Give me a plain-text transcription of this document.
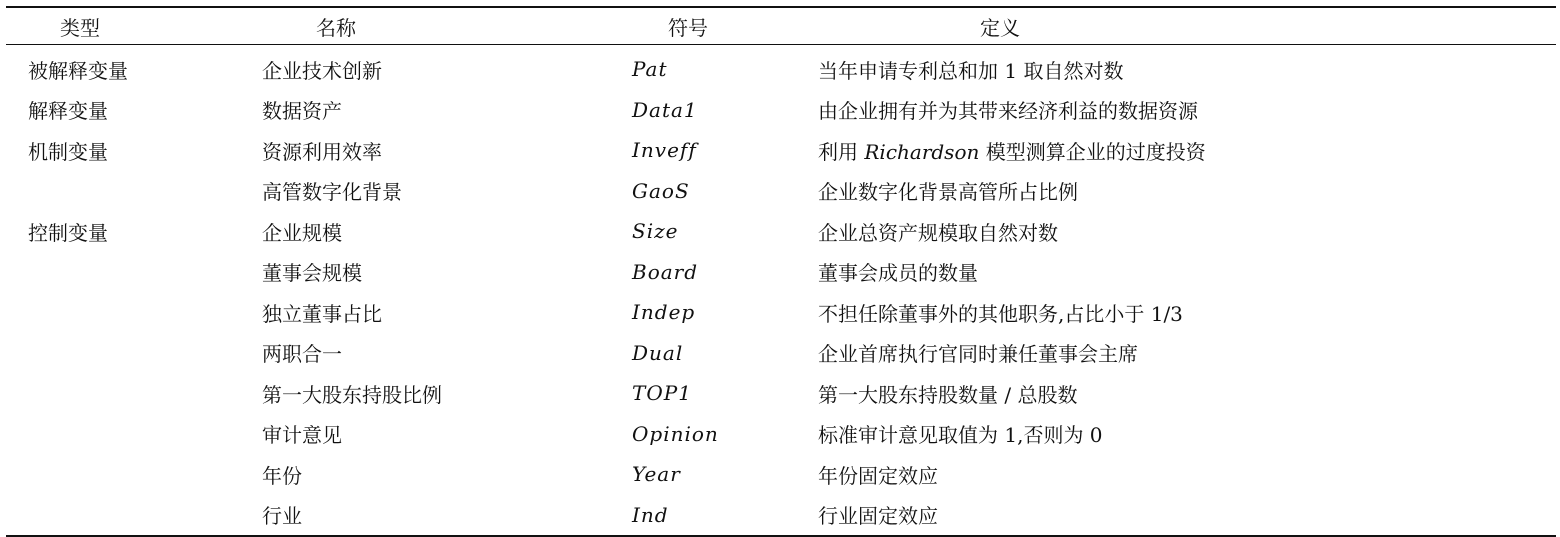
类型	名称	符号	定义
被解释变量	企业技术创新	Pat	当年申请专利总和加 1 取自然对数
解释变量	数据资产	Data1	由企业拥有并为其带来经济利益的数据资源
机制变量	资源利用效率	Inveff	利用 Richardson 模型测算企业的过度投资
	高管数字化背景	GaoS	企业数字化背景高管所占比例
控制变量	企业规模	Size	企业总资产规模取自然对数
	董事会规模	Board	董事会成员的数量
	独立董事占比	Indep	不担任除董事外的其他职务,占比小于 1/3
	两职合一	Dual	企业首席执行官同时兼任董事会主席
	第一大股东持股比例	TOP1	第一大股东持股数量 / 总股数
	审计意见	Opinion	标准审计意见取值为 1,否则为 0
	年份	Year	年份固定效应
	行业	Ind	行业固定效应
